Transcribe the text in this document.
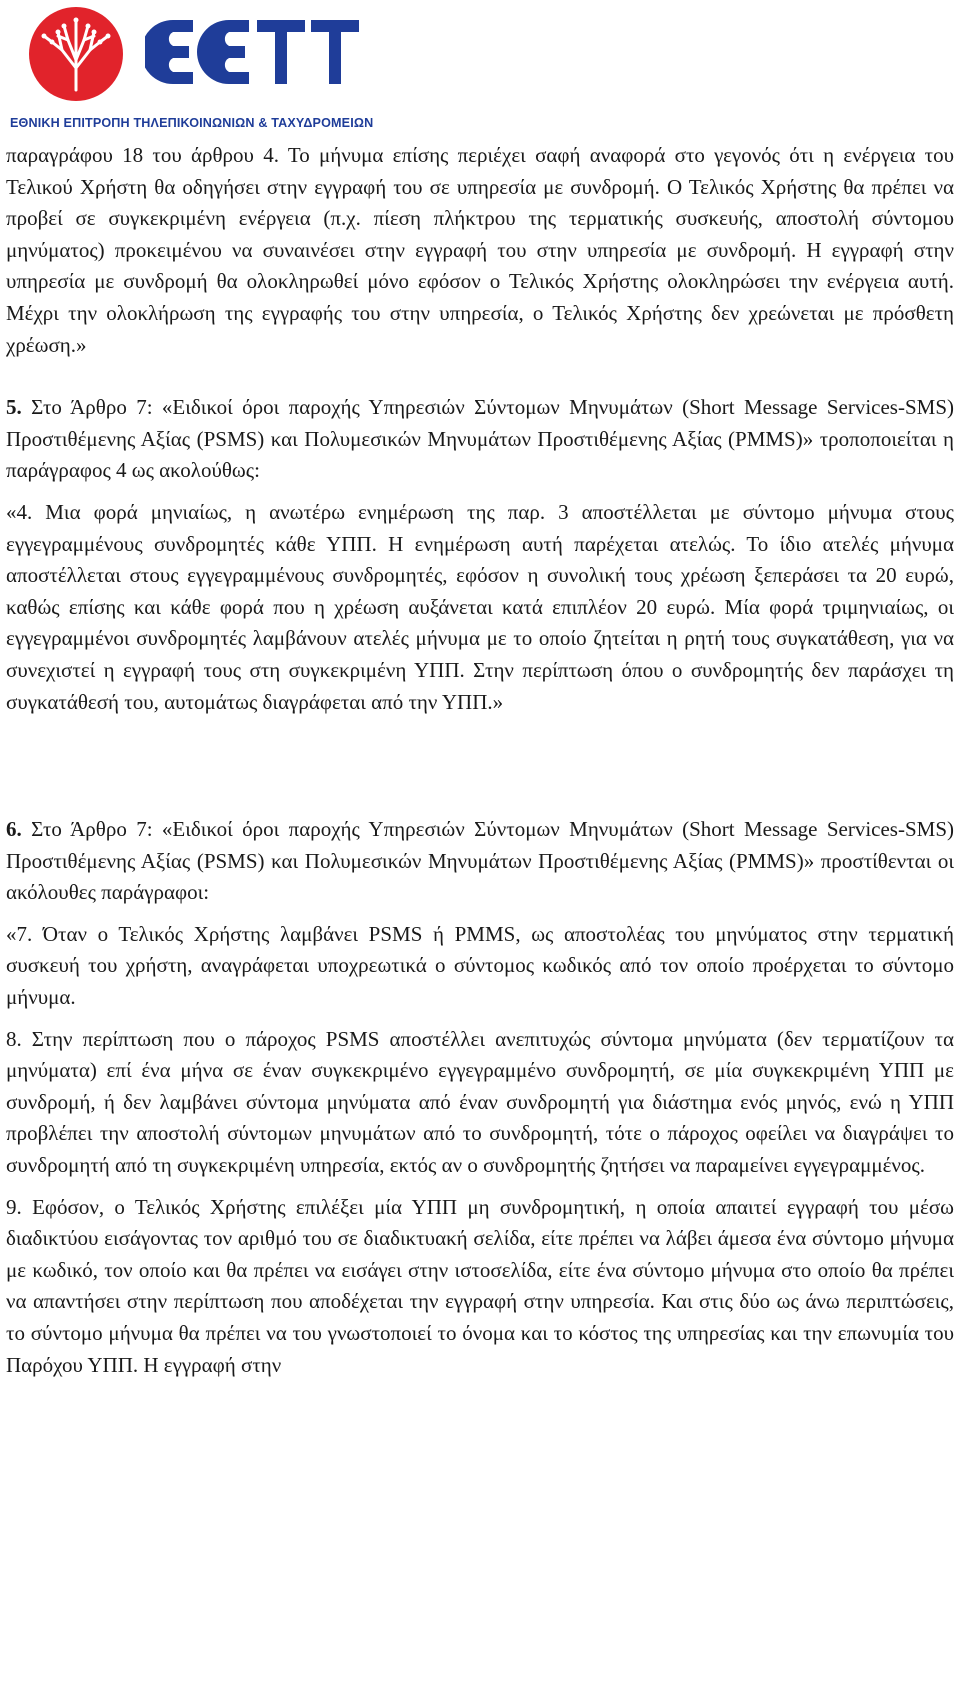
ΕΘΝΙΚΗ ΕΠΙΤΡΟΠΗ ΤΗΛΕΠΙΚΟΙΝΩΝΙΩΝ & ΤΑΧΥΔΡΟΜΕΙΩΝ

παραγράφου 18 του άρθρου 4. Το μήνυμα επίσης περιέχει σαφή αναφορά στο γεγονός ότι η ενέργεια του Τελικού Χρήστη θα οδηγήσει στην εγγραφή του σε υπηρεσία με συνδρομή. Ο Τελικός Χρήστης θα πρέπει να προβεί σε συγκεκριμένη ενέργεια (π.χ. πίεση πλήκτρου της τερματικής συσκευής, αποστολή σύντομου μηνύματος) προκειμένου να συναινέσει στην εγγραφή του στην υπηρεσία με συνδρομή. Η εγγραφή στην υπηρεσία με συνδρομή θα ολοκληρωθεί μόνο εφόσον ο Τελικός Χρήστης ολοκληρώσει την ενέργεια αυτή. Μέχρι την ολοκλήρωση της εγγραφής του στην υπηρεσία, ο Τελικός Χρήστης δεν χρεώνεται με πρόσθετη χρέωση.»

5. Στο Άρθρο 7: «Ειδικοί όροι παροχής Υπηρεσιών Σύντομων Μηνυμάτων (Short Message Services-SMS) Προστιθέμενης Αξίας (PSMS) και Πολυμεσικών Μηνυμάτων Προστιθέμενης Αξίας (PMMS)» τροποποιείται η παράγραφος 4 ως ακολούθως:

«4. Μια φορά μηνιαίως, η ανωτέρω ενημέρωση της παρ. 3 αποστέλλεται με σύντομο μήνυμα στους εγγεγραμμένους συνδρομητές κάθε ΥΠΠ. Η ενημέρωση αυτή παρέχεται ατελώς. Το ίδιο ατελές μήνυμα αποστέλλεται στους εγγεγραμμένους συνδρομητές, εφόσον η συνολική τους χρέωση ξεπεράσει τα 20 ευρώ, καθώς επίσης και κάθε φορά που η χρέωση αυξάνεται κατά επιπλέον 20 ευρώ. Μία φορά τριμηνιαίως, οι εγγεγραμμένοι συνδρομητές λαμβάνουν ατελές μήνυμα με το οποίο ζητείται η ρητή τους συγκατάθεση, για να συνεχιστεί η εγγραφή τους στη συγκεκριμένη ΥΠΠ. Στην περίπτωση όπου ο συνδρομητής δεν παράσχει τη συγκατάθεσή του, αυτομάτως διαγράφεται από την ΥΠΠ.»

6. Στο Άρθρο 7: «Ειδικοί όροι παροχής Υπηρεσιών Σύντομων Μηνυμάτων (Short Message Services-SMS) Προστιθέμενης Αξίας (PSMS) και Πολυμεσικών Μηνυμάτων Προστιθέμενης Αξίας (PMMS)» προστίθενται οι ακόλουθες παράγραφοι:

«7. Όταν ο Τελικός Χρήστης λαμβάνει PSMS ή PMMS, ως αποστολέας του μηνύματος στην τερματική συσκευή του χρήστη, αναγράφεται υποχρεωτικά ο σύντομος κωδικός από τον οποίο προέρχεται το σύντομο μήνυμα.

8. Στην περίπτωση που ο πάροχος PSMS αποστέλλει ανεπιτυχώς σύντομα μηνύματα (δεν τερματίζουν τα μηνύματα) επί ένα μήνα σε έναν συγκεκριμένο εγγεγραμμένο συνδρομητή, σε μία συγκεκριμένη ΥΠΠ με συνδρομή, ή δεν λαμβάνει σύντομα μηνύματα από έναν συνδρομητή για διάστημα ενός μηνός, ενώ η ΥΠΠ προβλέπει την αποστολή σύντομων μηνυμάτων από το συνδρομητή, τότε ο πάροχος οφείλει να διαγράψει το συνδρομητή από τη συγκεκριμένη υπηρεσία, εκτός αν ο συνδρομητής ζητήσει να παραμείνει εγγεγραμμένος.

9. Εφόσον, ο Τελικός Χρήστης επιλέξει μία ΥΠΠ μη συνδρομητική, η οποία απαιτεί εγγραφή του μέσω διαδικτύου εισάγοντας τον αριθμό του σε διαδικτυακή σελίδα, είτε πρέπει να λάβει άμεσα ένα σύντομο μήνυμα με κωδικό, τον οποίο και θα πρέπει να εισάγει στην ιστοσελίδα, είτε ένα σύντομο μήνυμα στο οποίο θα πρέπει να απαντήσει στην περίπτωση που αποδέχεται την εγγραφή στην υπηρεσία. Και στις δύο ως άνω περιπτώσεις, το σύντομο μήνυμα θα πρέπει να του γνωστοποιεί το όνομα και το κόστος της υπηρεσίας και την επωνυμία του Παρόχου ΥΠΠ. Η εγγραφή στην
